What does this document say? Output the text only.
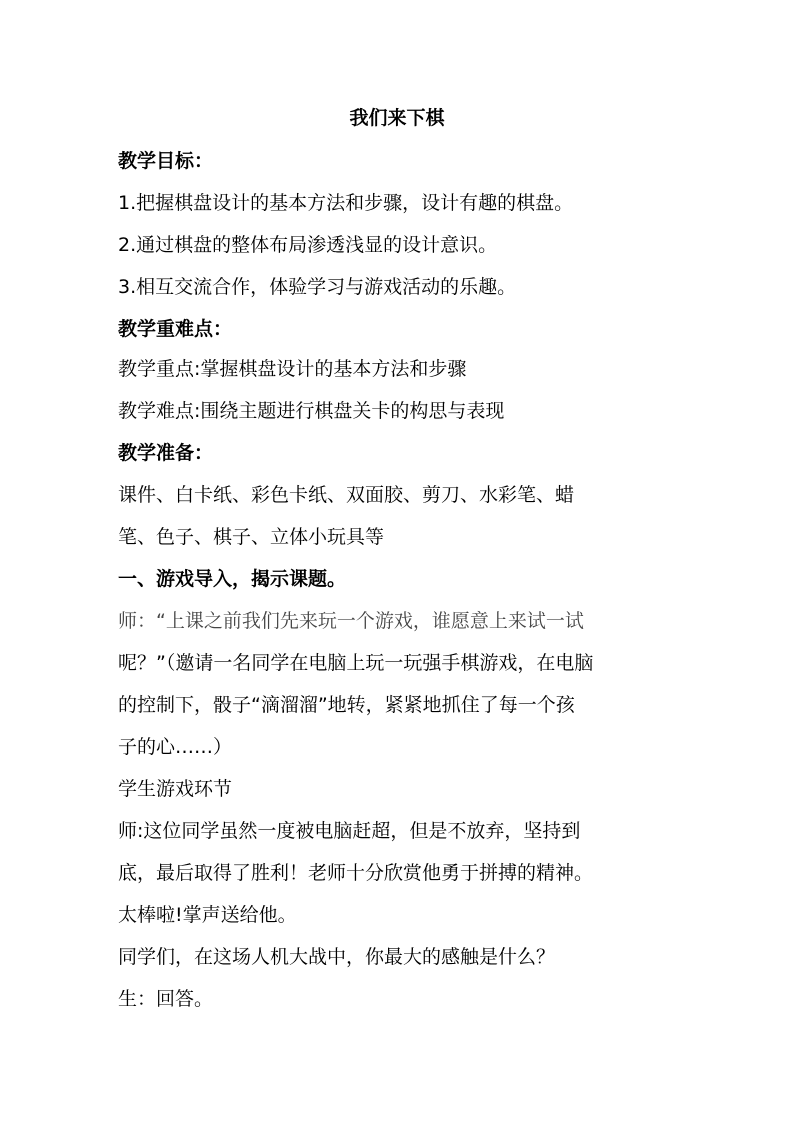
我们来下棋
教学目标：
1.把握棋盘设计的基本方法和步骤，设计有趣的棋盘。
2.通过棋盘的整体布局渗透浅显的设计意识。
3.相互交流合作，体验学习与游戏活动的乐趣。
教学重难点：
教学重点:掌握棋盘设计的基本方法和步骤
教学难点:围绕主题进行棋盘关卡的构思与表现
教学准备：
课件、白卡纸、彩色卡纸、双面胶、剪刀、水彩笔、蜡
笔、色子、棋子、立体小玩具等
一、游戏导入，揭示课题。
师：“上课之前我们先来玩一个游戏，谁愿意上来试一试
呢？”（邀请一名同学在电脑上玩一玩强手棋游戏，在电脑
的控制下，骰子“滴溜溜”地转，紧紧地抓住了每一个孩
子的心……）
学生游戏环节
师:这位同学虽然一度被电脑赶超，但是不放弃，坚持到
底，最后取得了胜利！老师十分欣赏他勇于拼搏的精神。
太棒啦!掌声送给他。
同学们，在这场人机大战中，你最大的感触是什么？
生：回答。
